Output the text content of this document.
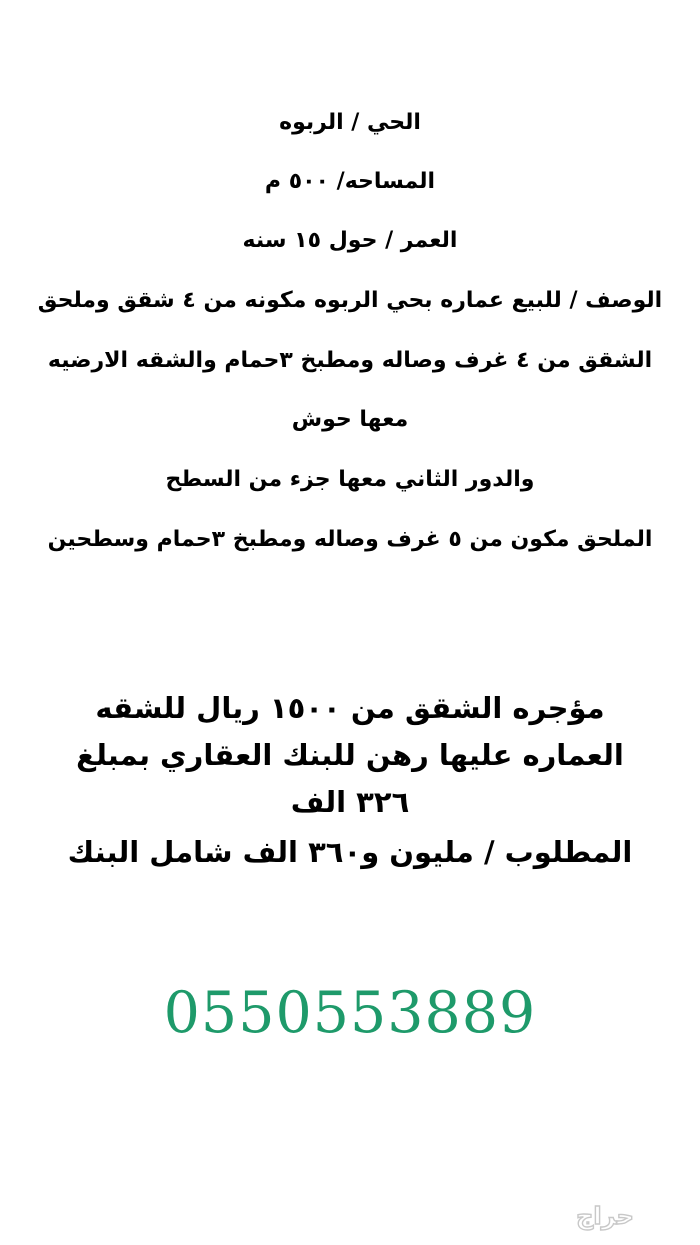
الحي / الربوه
المساحه/ ٥٠٠ م
العمر / حول ١٥ سنه
الوصف / للبيع عماره بحي الربوه مكونه من ٤ شقق وملحق
الشقق من ٤ غرف وصاله ومطبخ ٣حمام والشقه الارضيه
معها حوش
والدور الثاني معها جزء من السطح
الملحق مكون من ٥ غرف وصاله ومطبخ ٣حمام وسطحين
مؤجره الشقق من ١٥٠٠ ريال للشقه
العماره عليها رهن للبنك العقاري بمبلغ
٣٢٦ الف
المطلوب / مليون و٣٦٠ الف شامل البنك
0550553889
حراج
